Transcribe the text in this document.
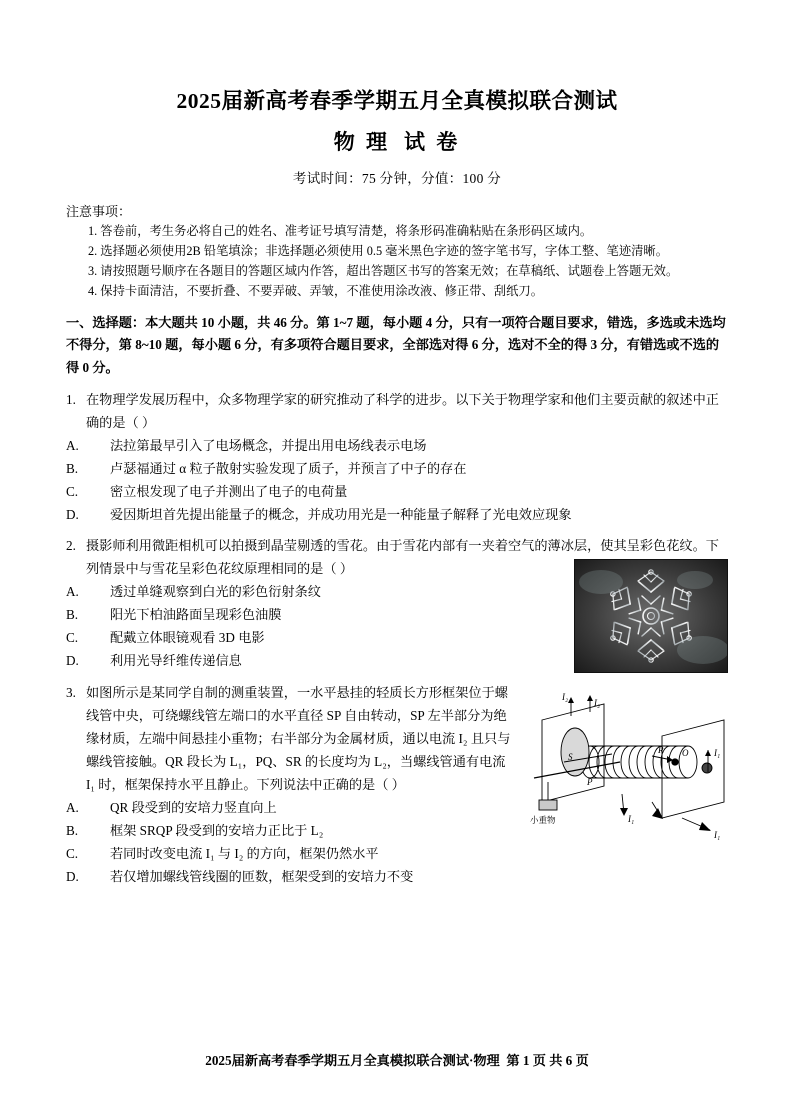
2025届新高考春季学期五月全真模拟联合测试
物 理 试 卷
考试时间：75 分钟，分值：100 分
注意事项：
1. 答卷前，考生务必将自己的姓名、准考证号填写清楚，将条形码准确粘贴在条形码区域内。
2. 选择题必须使用2B 铅笔填涂；非选择题必须使用 0.5 毫米黑色字迹的签字笔书写，字体工整、笔迹清晰。
3. 请按照题号顺序在各题目的答题区域内作答，超出答题区书写的答案无效；在草稿纸、试题卷上答题无效。
4. 保持卡面清洁，不要折叠、不要弄破、弄皱，不准使用涂改液、修正带、刮纸刀。
一、选择题：本大题共 10 小题，共 46 分。第 1~7 题，每小题 4 分，只有一项符合题目要求，错选，多选或未选均不得分，第 8~10 题，每小题 6 分，有多项符合题目要求，全部选对得 6 分，选对不全的得 3 分，有错选或不选的得 0 分。
1. 在物理学发展历程中，众多物理学家的研究推动了科学的进步。以下关于物理学家和他们主要贡献的叙述中正确的是（ ）
A. 法拉第最早引入了电场概念，并提出用电场线表示电场
B. 卢瑟福通过 α 粒子散射实验发现了质子，并预言了中子的存在
C. 密立根发现了电子并测出了电子的电荷量
D. 爱因斯坦首先提出能量子的概念，并成功用光是一种能量子解释了光电效应现象
2. 摄影师利用微距相机可以拍摄到晶莹剔透的雪花。由于雪花内部有一夹着空气的薄冰层，使其呈彩色花纹。下列情景中与雪花呈彩色花纹原理相同的是（ ）
A. 透过单缝观察到白光的彩色衍射条纹
B. 阳光下柏油路面呈现彩色油膜
C. 配戴立体眼镜观看 3D 电影
D. 利用光导纤维传递信息
3. 如图所示是某同学自制的测重装置，一水平悬挂的轻质长方形框架位于螺线管中央，可绕螺线管左端口的水平直径 SP 自由转动，SP 左半部分为绝缘材质，左端中间悬挂小重物；右半部分为金属材质，通以电流 I₂ 且只与螺线管接触。QR 段长为 L₁，PQ、SR 的长度均为 L₂，当螺线管通有电流 I₁ 时，框架保持水平且静止。下列说法中正确的是（ ）
A. QR 段受到的安培力竖直向上
B. 框架 SRQP 段受到的安培力正比于 L₂
C. 若同时改变电流 I₁ 与 I₂ 的方向，框架仍然水平
D. 若仅增加螺线管线圈的匝数，框架受到的安培力不变
I₂
I₂
S
P
R O	I₁
I₁
I₁
小重物
2025届新高考春季学期五月全真模拟联合测试·物理 第 1 页 共 6 页
